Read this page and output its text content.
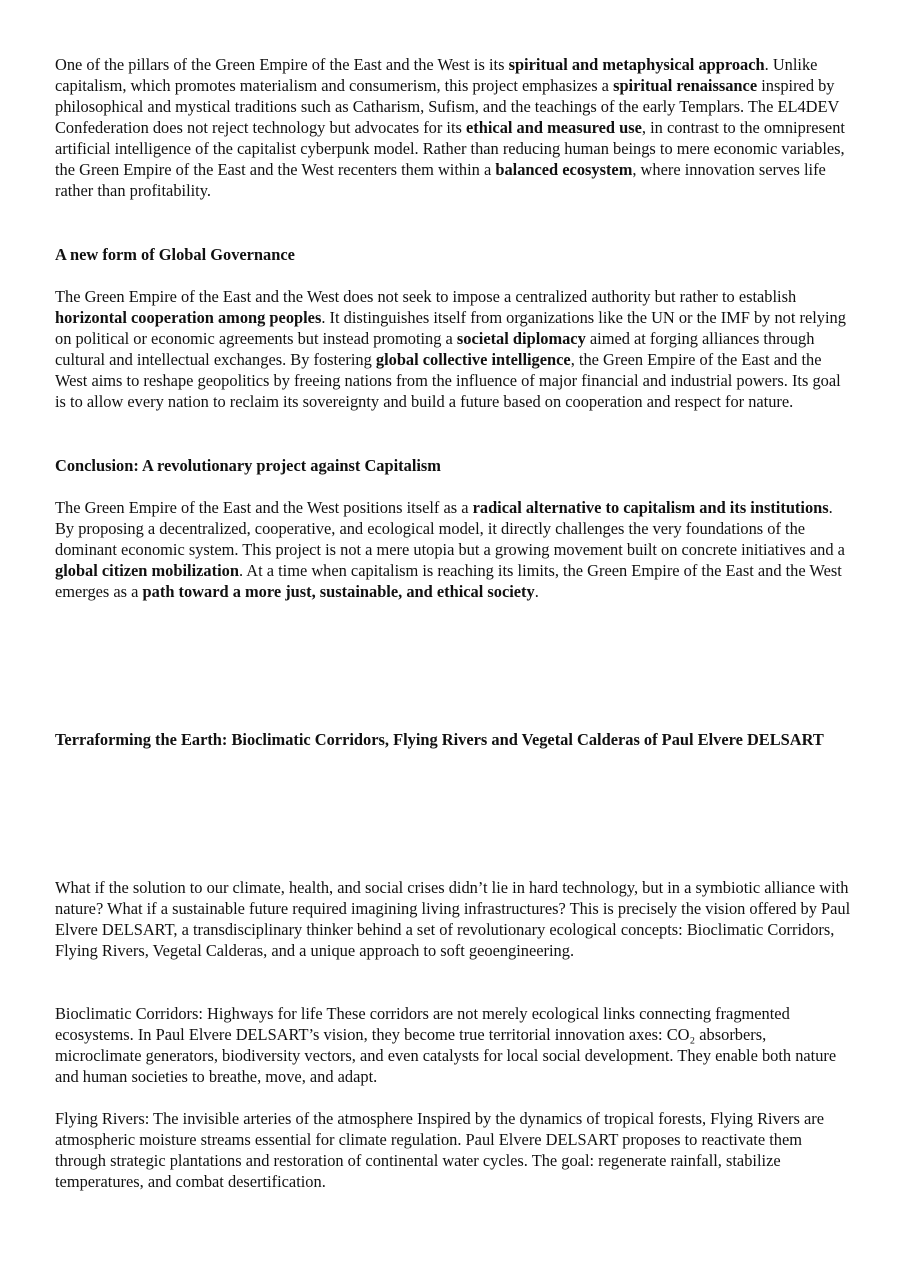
One of the pillars of the Green Empire of the East and the West is its spiritual and metaphysical approach. Unlike capitalism, which promotes materialism and consumerism, this project emphasizes a spiritual renaissance inspired by philosophical and mystical traditions such as Catharism, Sufism, and the teachings of the early Templars. The EL4DEV Confederation does not reject technology but advocates for its ethical and measured use, in contrast to the omnipresent artificial intelligence of the capitalist cyberpunk model. Rather than reducing human beings to mere economic variables, the Green Empire of the East and the West recenters them within a balanced ecosystem, where innovation serves life rather than profitability.

A new form of Global Governance

The Green Empire of the East and the West does not seek to impose a centralized authority but rather to establish horizontal cooperation among peoples. It distinguishes itself from organizations like the UN or the IMF by not relying on political or economic agreements but instead promoting a societal diplomacy aimed at forging alliances through cultural and intellectual exchanges. By fostering global collective intelligence, the Green Empire of the East and the West aims to reshape geopolitics by freeing nations from the influence of major financial and industrial powers. Its goal is to allow every nation to reclaim its sovereignty and build a future based on cooperation and respect for nature.

Conclusion: A revolutionary project against Capitalism

The Green Empire of the East and the West positions itself as a radical alternative to capitalism and its institutions. By proposing a decentralized, cooperative, and ecological model, it directly challenges the very foundations of the dominant economic system. This project is not a mere utopia but a growing movement built on concrete initiatives and a global citizen mobilization. At a time when capitalism is reaching its limits, the Green Empire of the East and the West emerges as a path toward a more just, sustainable, and ethical society.

Terraforming the Earth: Bioclimatic Corridors, Flying Rivers and Vegetal Calderas of Paul Elvere DELSART

What if the solution to our climate, health, and social crises didn’t lie in hard technology, but in a symbiotic alliance with nature? What if a sustainable future required imagining living infrastructures? This is precisely the vision offered by Paul Elvere DELSART, a transdisciplinary thinker behind a set of revolutionary ecological concepts: Bioclimatic Corridors, Flying Rivers, Vegetal Calderas, and a unique approach to soft geoengineering.

Bioclimatic Corridors: Highways for life These corridors are not merely ecological links connecting fragmented ecosystems. In Paul Elvere DELSART’s vision, they become true territorial innovation axes: CO₂ absorbers, microclimate generators, biodiversity vectors, and even catalysts for local social development. They enable both nature and human societies to breathe, move, and adapt.

Flying Rivers: The invisible arteries of the atmosphere Inspired by the dynamics of tropical forests, Flying Rivers are atmospheric moisture streams essential for climate regulation. Paul Elvere DELSART proposes to reactivate them through strategic plantations and restoration of continental water cycles. The goal: regenerate rainfall, stabilize temperatures, and combat desertification.
